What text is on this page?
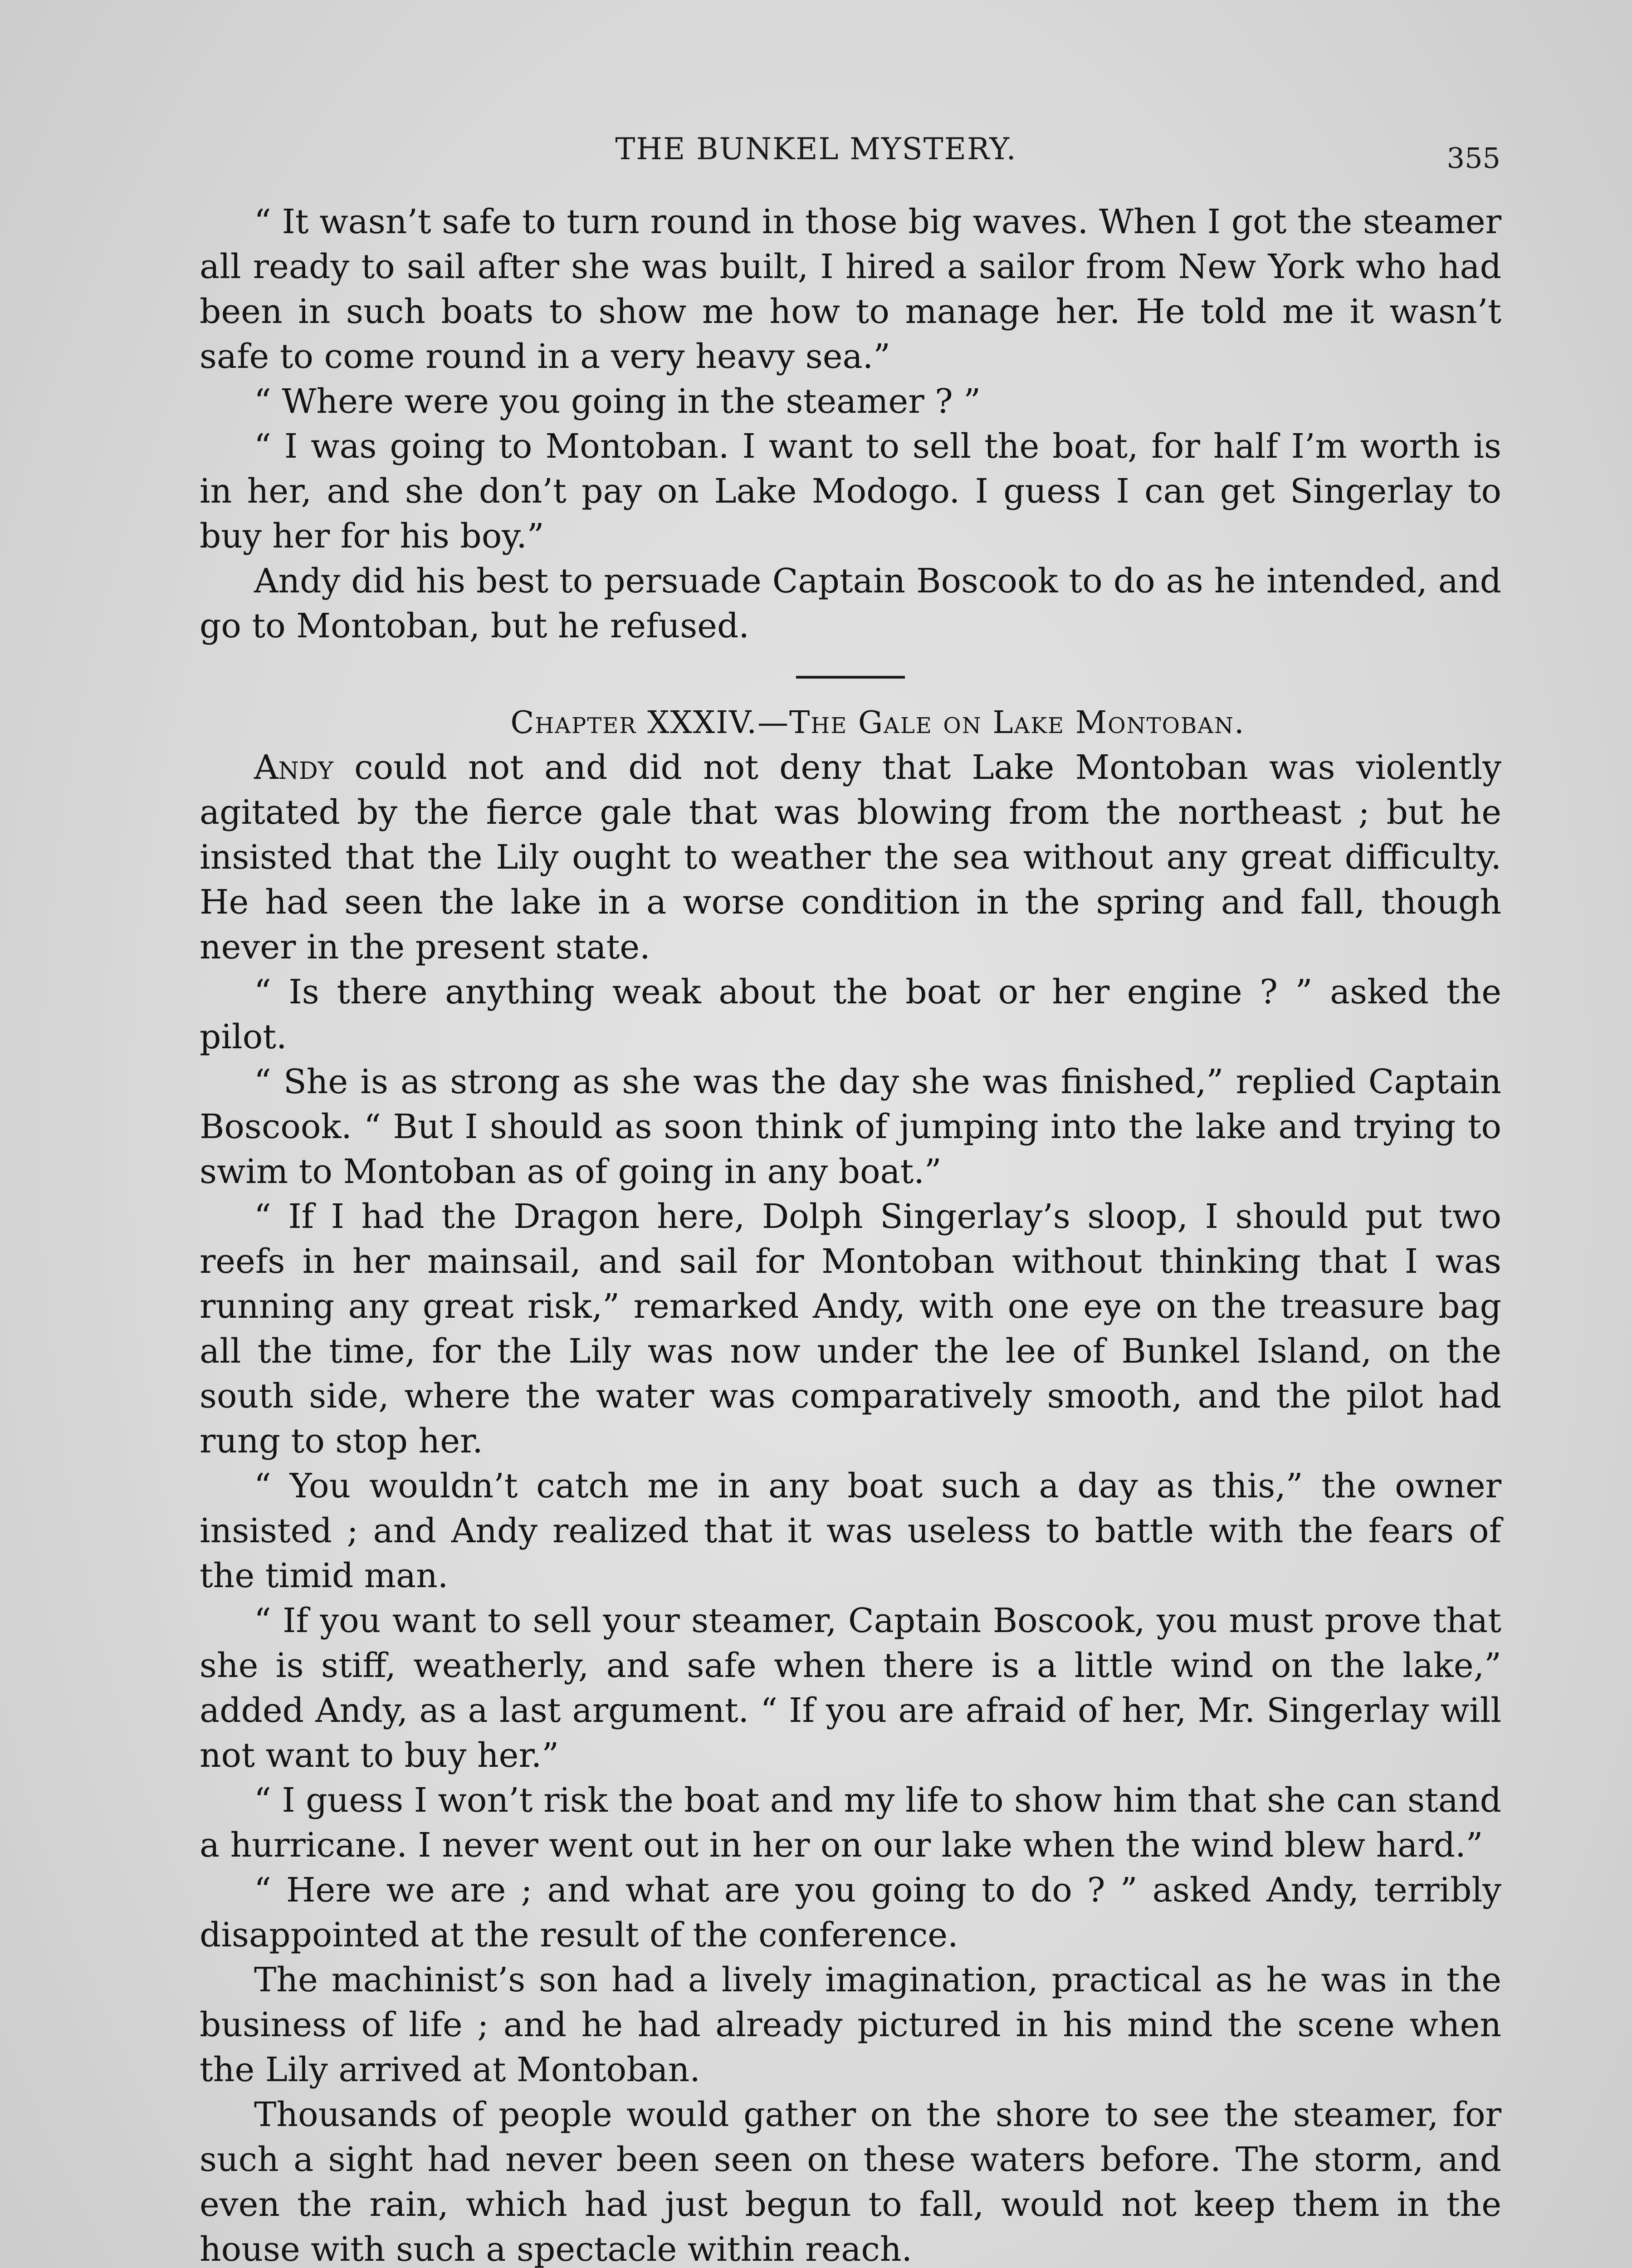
THE BUNKEL MYSTERY.	355

“ It wasn’t safe to turn round in those big waves. When I got the steamer all ready to sail after she was built, I hired a sailor from New York who had been in such boats to show me how to manage her. He told me it wasn’t safe to come round in a very heavy sea.”

“ Where were you going in the steamer ? ”

“ I was going to Montoban. I want to sell the boat, for half I’m worth is in her, and she don’t pay on Lake Modogo. I guess I can get Singerlay to buy her for his boy.”

Andy did his best to persuade Captain Boscook to do as he intended, and go to Montoban, but he refused.

Chapter XXXIV.—The Gale on Lake Montoban.

Andy could not and did not deny that Lake Montoban was violently agitated by the fierce gale that was blowing from the northeast ; but he insisted that the Lily ought to weather the sea without any great difficulty. He had seen the lake in a worse condition in the spring and fall, though never in the present state.

“ Is there anything weak about the boat or her engine ? ” asked the pilot.

“ She is as strong as she was the day she was finished,” replied Captain Boscook. “ But I should as soon think of jumping into the lake and trying to swim to Montoban as of going in any boat.”

“ If I had the Dragon here, Dolph Singerlay’s sloop, I should put two reefs in her mainsail, and sail for Montoban without thinking that I was running any great risk,” remarked Andy, with one eye on the treasure bag all the time, for the Lily was now under the lee of Bunkel Island, on the south side, where the water was comparatively smooth, and the pilot had rung to stop her.

“ You wouldn’t catch me in any boat such a day as this,” the owner insisted ; and Andy realized that it was useless to battle with the fears of the timid man.

“ If you want to sell your steamer, Captain Boscook, you must prove that she is stiff, weatherly, and safe when there is a little wind on the lake,” added Andy, as a last argument. “ If you are afraid of her, Mr. Singerlay will not want to buy her.”

“ I guess I won’t risk the boat and my life to show him that she can stand a hurricane. I never went out in her on our lake when the wind blew hard.”

“ Here we are ; and what are you going to do ? ” asked Andy, terribly disappointed at the result of the conference.

The machinist’s son had a lively imagination, practical as he was in the business of life ; and he had already pictured in his mind the scene when the Lily arrived at Montoban.

Thousands of people would gather on the shore to see the steamer, for such a sight had never been seen on these waters before. The storm, and even the rain, which had just begun to fall, would not keep them in the house with such a spectacle within reach.
